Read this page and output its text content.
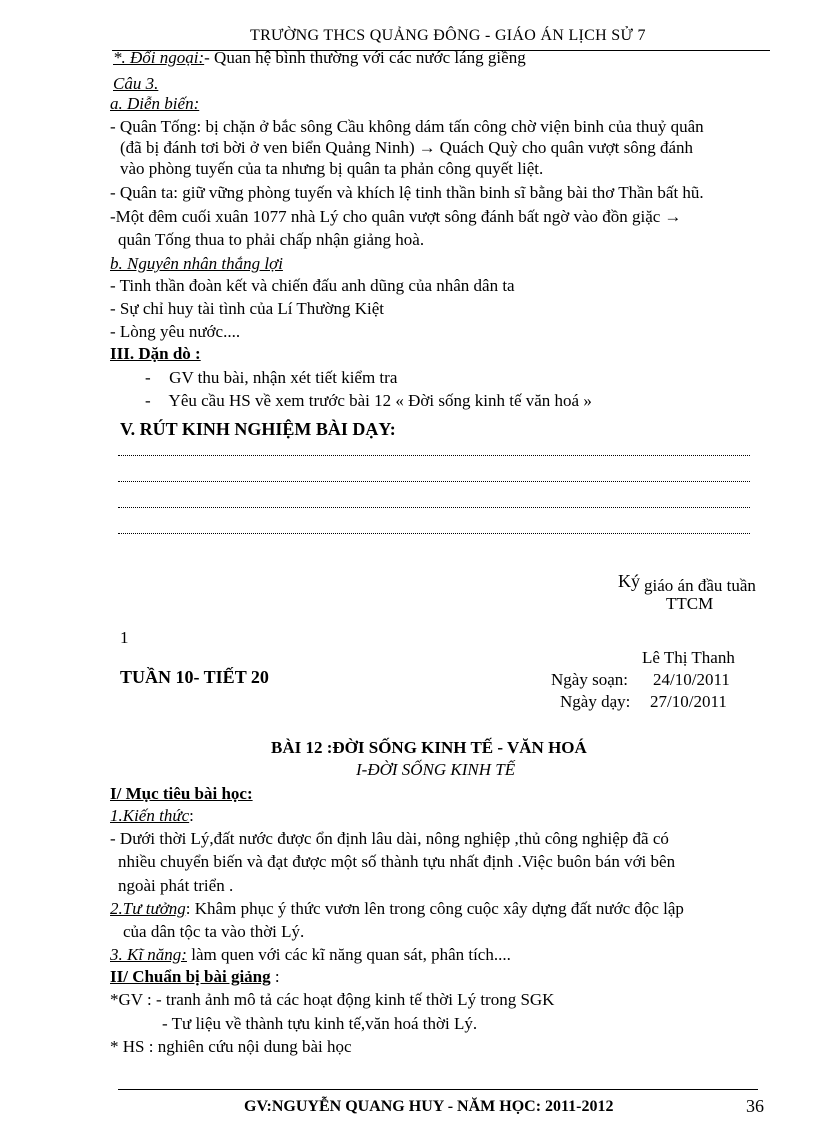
TRƯỜNG THCS QUẢNG ĐÔNG - GIÁO ÁN LỊCH SỬ 7
*. Đối ngoại:- Quan hệ bình thường với các nước láng giềng
Câu 3.
a. Diễn biến:
- Quân Tống: bị chặn ở bắc sông Cầu không dám tấn công chờ viện binh của thuỷ quân
(đã bị đánh tơi bời ở ven biển Quảng Ninh) → Quách Quỳ cho quân vượt sông đánh
vào phòng tuyến của ta nhưng bị quân ta phản công quyết liệt.
- Quân ta: giữ vững phòng tuyến và khích lệ tinh thần binh sĩ bằng bài thơ Thần bất hũ.
-Một đêm cuối xuân 1077 nhà Lý cho quân vượt sông đánh bất ngờ vào đồn giặc →
quân Tống thua to phải chấp nhận giảng hoà.
b. Nguyên nhân thắng lợi
- Tinh thần đoàn kết và chiến đấu anh dũng của nhân dân ta
- Sự chỉ huy tài tình của Lí Thường Kiệt
- Lòng yêu nước....
III. Dặn dò :
- GV thu bài, nhận xét tiết kiểm tra
- Yêu cầu HS về xem trước bài 12 « Đời sống kinh tế văn hoá »
V. RÚT KINH NGHIỆM BÀI DẠY:
Ký giáo án đầu tuần
TTCM
1
Lê Thị Thanh
TUẦN 10- TIẾT 20	Ngày soạn: 24/10/2011
Ngày dạy: 27/10/2011
BÀI 12 :ĐỜI SỐNG KINH TẾ - VĂN HOÁ
I-ĐỜI SỐNG KINH TẾ
I/ Mục tiêu bài học:
1.Kiến thức:
- Dưới thời Lý,đất nước được ổn định lâu dài, nông nghiệp ,thủ công nghiệp đã có
nhiều chuyển biến và đạt được một số thành tựu nhất định .Việc buôn bán với bên
ngoài phát triển .
2.Tư tưởng: Khâm phục ý thức vươn lên trong công cuộc xây dựng đất nước độc lập
của dân tộc ta vào thời Lý.
3. Kĩ năng: làm quen với các kĩ năng quan sát, phân tích....
II/ Chuẩn bị bài giảng :
*GV : - tranh ảnh mô tả các hoạt động kinh tế thời Lý trong SGK
- Tư liệu về thành tựu kinh tế,văn hoá thời Lý.
* HS : nghiên cứu nội dung bài học
GV:NGUYỄN QUANG HUY - NĂM HỌC: 2011-2012	36
